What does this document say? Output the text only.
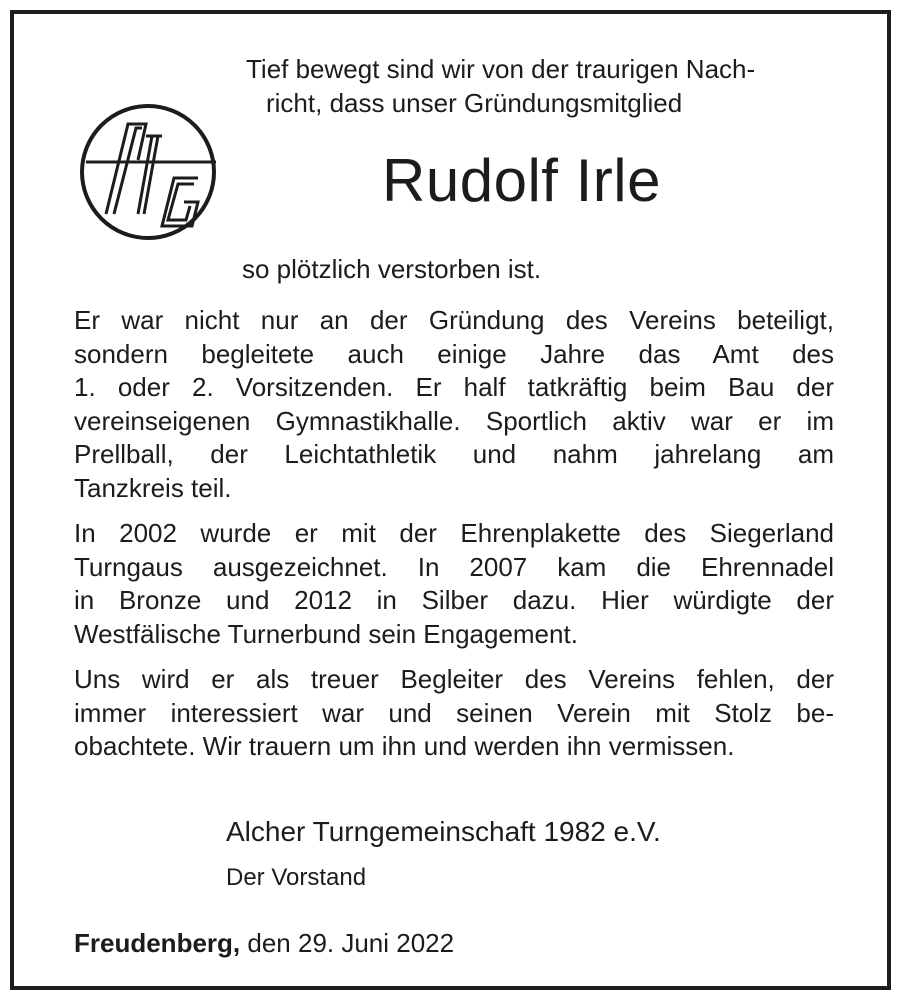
Tief bewegt sind wir von der traurigen Nach-
richt, dass unser Gründungsmitglied
Rudolf Irle
so plötzlich verstorben ist.

Er war nicht nur an der Gründung des Vereins beteiligt,
sondern begleitete auch einige Jahre das Amt des
1. oder 2. Vorsitzenden. Er half tatkräftig beim Bau der
vereinseigenen Gymnastikhalle. Sportlich aktiv war er im
Prellball, der Leichtathletik und nahm jahrelang am
Tanzkreis teil.

In 2002 wurde er mit der Ehrenplakette des Siegerland
Turngaus ausgezeichnet. In 2007 kam die Ehrennadel
in Bronze und 2012 in Silber dazu. Hier würdigte der
Westfälische Turnerbund sein Engagement.

Uns wird er als treuer Begleiter des Vereins fehlen, der
immer interessiert war und seinen Verein mit Stolz be-
obachtete. Wir trauern um ihn und werden ihn vermissen.

Alcher Turngemeinschaft 1982 e.V.
Der Vorstand
Freudenberg, den 29. Juni 2022
